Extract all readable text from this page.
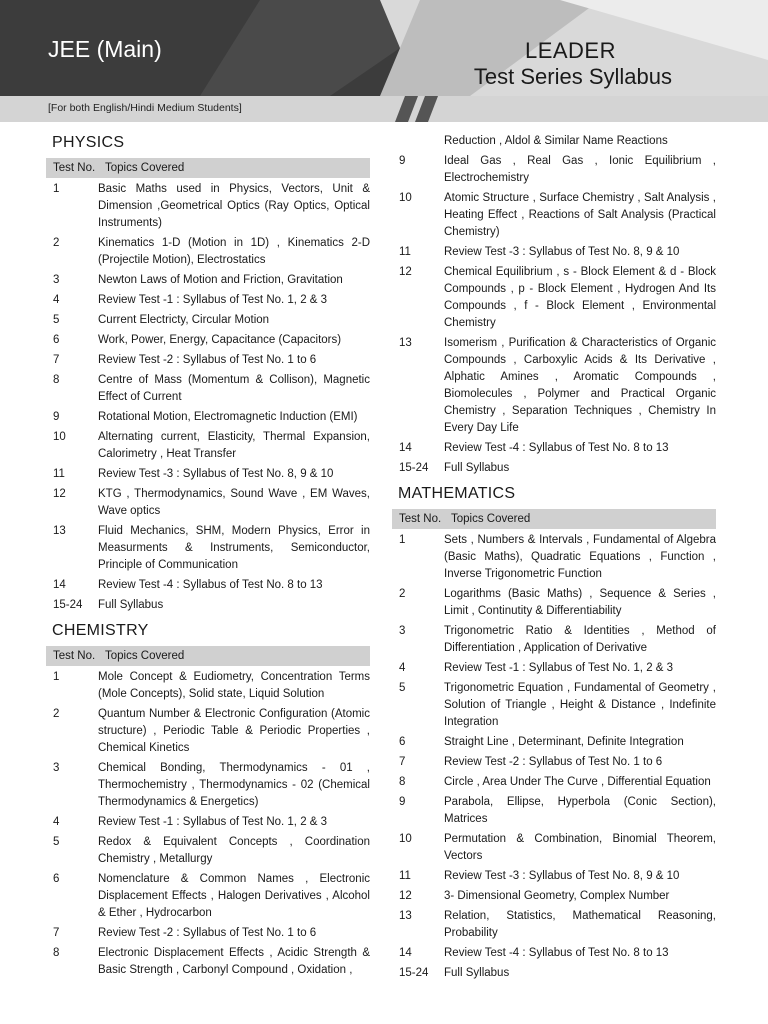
JEE (Main)	LEADER
Test Series Syllabus
[For both English/Hindi Medium Students]
PHYSICS
Test No. Topics Covered
1	Basic Maths used in Physics, Vectors, Unit & Dimension ,Geometrical Optics (Ray Optics, Optical Instruments)
2	Kinematics 1-D (Motion in 1D) , Kinematics 2-D (Projectile Motion), Electrostatics
3	Newton Laws of Motion and Friction, Gravitation
4	Review Test -1 : Syllabus of Test No. 1, 2 & 3
5	Current Electricty, Circular Motion
6	Work, Power, Energy, Capacitance (Capacitors)
7	Review Test -2 : Syllabus of Test No. 1 to 6
8	Centre of Mass (Momentum & Collison), Magnetic Effect of Current
9	Rotational Motion, Electromagnetic Induction (EMI)
10	Alternating current, Elasticity, Thermal Expansion, Calorimetry , Heat Transfer
11	Review Test -3 : Syllabus of Test No. 8, 9 & 10
12	KTG , Thermodynamics, Sound Wave , EM Waves, Wave optics
13	Fluid Mechanics, SHM, Modern Physics, Error in Measurments & Instruments, Semiconductor, Principle of Communication
14	Review Test -4 : Syllabus of Test No. 8 to 13
15-24	Full Syllabus
CHEMISTRY
Test No. Topics Covered
1	Mole Concept & Eudiometry, Concentration Terms (Mole Concepts), Solid state, Liquid Solution
2	Quantum Number & Electronic Configuration (Atomic structure) , Periodic Table & Periodic Properties , Chemical Kinetics
3	Chemical Bonding, Thermodynamics - 01 , Thermochemistry , Thermodynamics - 02 (Chemical Thermodynamics & Energetics)
4	Review Test -1 : Syllabus of Test No. 1, 2 & 3
5	Redox & Equivalent Concepts , Coordination Chemistry , Metallurgy
6	Nomenclature & Common Names , Electronic Displacement Effects , Halogen Derivatives , Alcohol & Ether , Hydrocarbon
7	Review Test -2 : Syllabus of Test No. 1 to 6
8	Electronic Displacement Effects , Acidic Strength & Basic Strength , Carbonyl Compound , Oxidation ,
Reduction , Aldol & Similar Name Reactions
9	Ideal Gas , Real Gas , Ionic Equilibrium , Electrochemistry
10	Atomic Structure , Surface Chemistry , Salt Analysis , Heating Effect , Reactions of Salt Analysis (Practical Chemistry)
11	Review Test -3 : Syllabus of Test No. 8, 9 & 10
12	Chemical Equilibrium , s - Block Element & d - Block Compounds , p - Block Element , Hydrogen And Its Compounds , f - Block Element , Environmental Chemistry
13	Isomerism , Purification & Characteristics of Organic Compounds , Carboxylic Acids & Its Derivative , Alphatic Amines , Aromatic Compounds , Biomolecules , Polymer and Practical Organic Chemistry , Separation Techniques , Chemistry In Every Day Life
14	Review Test -4 : Syllabus of Test No. 8 to 13
15-24	Full Syllabus
MATHEMATICS
Test No. Topics Covered
1	Sets , Numbers & Intervals , Fundamental of Algebra (Basic Maths), Quadratic Equations , Function , Inverse Trigonometric Function
2	Logarithms (Basic Maths) , Sequence & Series , Limit , Continutity & Differentiability
3	Trigonometric Ratio & Identities , Method of Differentiation , Application of Derivative
4	Review Test -1 : Syllabus of Test No. 1, 2 & 3
5	Trigonometric Equation , Fundamental of Geometry , Solution of Triangle , Height & Distance , Indefinite Integration
6	Straight Line , Determinant, Definite Integration
7	Review Test -2 : Syllabus of Test No. 1 to 6
8	Circle , Area Under The Curve , Differential Equation
9	Parabola, Ellipse, Hyperbola (Conic Section), Matrices
10	Permutation & Combination, Binomial Theorem, Vectors
11	Review Test -3 : Syllabus of Test No. 8, 9 & 10
12	3- Dimensional Geometry, Complex Number
13	Relation, Statistics, Mathematical Reasoning, Probability
14	Review Test -4 : Syllabus of Test No. 8 to 13
15-24	Full Syllabus
